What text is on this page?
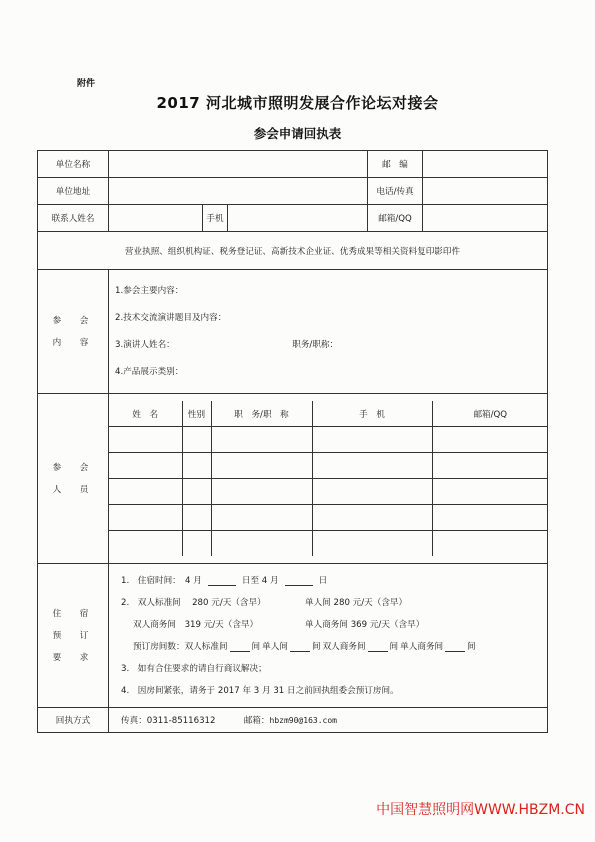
附件
2017 河北城市照明发展合作论坛对接会
参会申请回执表
单位名称		邮　编	
单位地址		电话/传真	
联系人姓名		手机		邮箱/QQ	
营业执照、组织机构证、税务登记证、高新技术企业证、优秀成果等相关资料复印影印件

参　会
内　容

1.参会主要内容：
2.技术交流演讲题目及内容：
3.演讲人姓名：	职务/职称：
4.产品展示类别：

参　会
人　员

姓　名	性别	职　务/职　称	手　机	邮箱/QQ

住　宿
预　订
要　求

1.　住宿时间：　4 月	日至 4 月	日
2.　双人标准间　 280 元/天（含早）	单人间 280 元/天（含早）
双人商务间　319 元/天（含早）	单人商务间 369 元/天（含早）
预订房间数：双人标准间	间 单人间	间 双人商务间	间 单人商务间	间
3.　如有合住要求的请自行商议解决；
4.　因房间紧张，请务于 2017 年 3 月 31 日之前回执组委会预订房间。

回执方式	传真：0311-85116312	邮箱：hbzm90@163.com
中国智慧照明网WWW.HBZM.CN
